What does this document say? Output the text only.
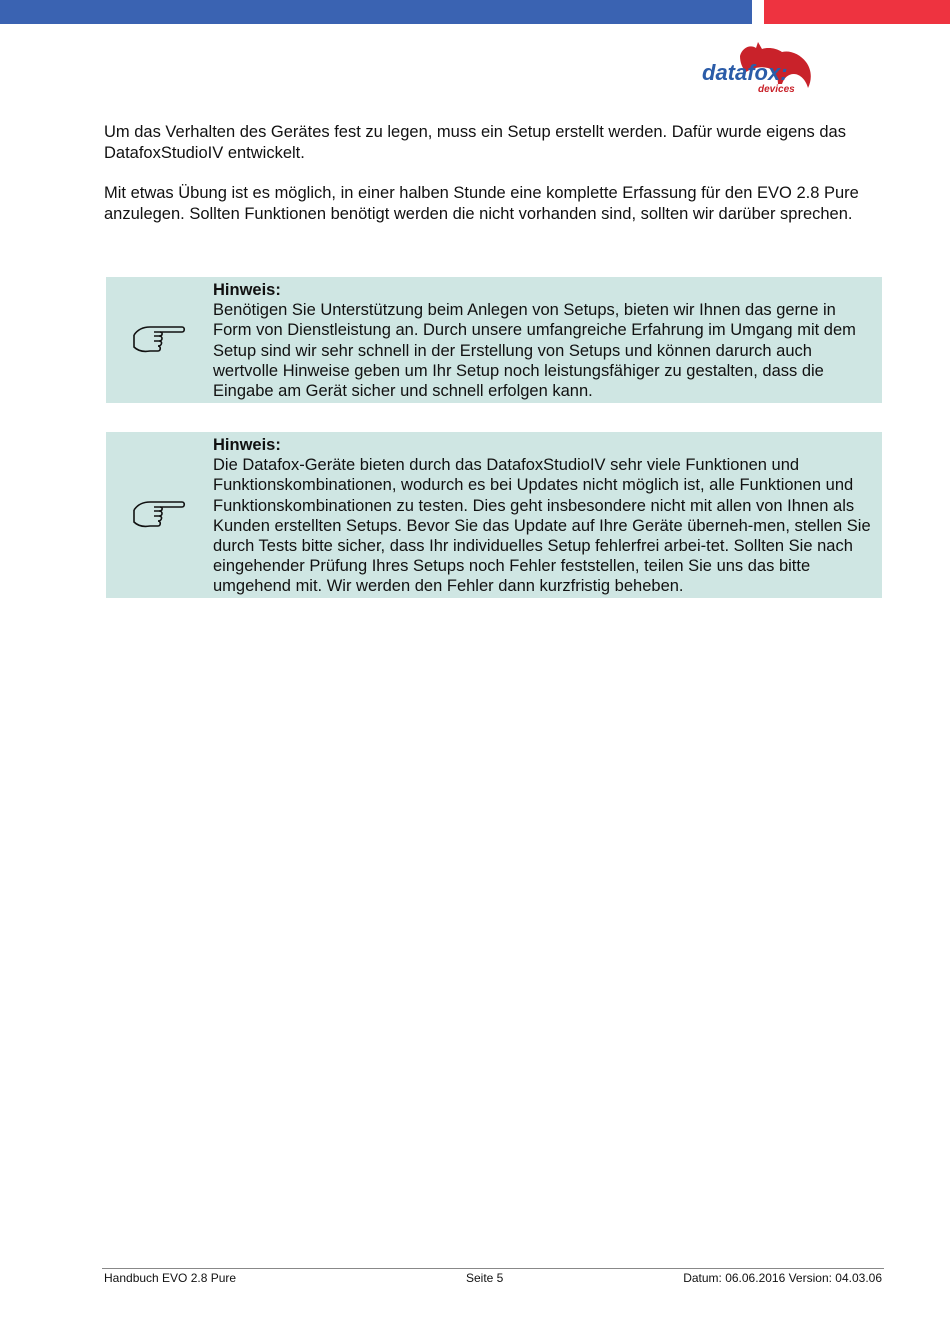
datafox:
devices

Um das Verhalten des Gerätes fest zu legen, muss ein Setup erstellt werden. Dafür wurde eigens das DatafoxStudioIV entwickelt.

Mit etwas Übung ist es möglich, in einer halben Stunde eine komplette Erfassung für den EVO 2.8 Pure anzulegen. Sollten Funktionen benötigt werden die nicht vorhanden sind, sollten wir darüber sprechen.

Hinweis:
Benötigen Sie Unterstützung beim Anlegen von Setups, bieten wir Ihnen das gerne in Form von Dienstleistung an. Durch unsere umfangreiche Erfahrung im Umgang mit dem Setup sind wir sehr schnell in der Erstellung von Setups und können darurch auch wertvolle Hinweise geben um Ihr Setup noch leistungsfähiger zu gestalten, dass die Eingabe am Gerät sicher und schnell erfolgen kann.
Hinweis:
Die Datafox-Geräte bieten durch das DatafoxStudioIV sehr viele Funktionen und Funktionskombinationen, wodurch es bei Updates nicht möglich ist, alle Funktionen und Funktionskombinationen zu testen. Dies geht insbesondere nicht mit allen von Ihnen als Kunden erstellten Setups. Bevor Sie das Update auf Ihre Geräte überneh-men, stellen Sie durch Tests bitte sicher, dass Ihr individuelles Setup fehlerfrei arbei-tet. Sollten Sie nach eingehender Prüfung Ihres Setups noch Fehler feststellen, teilen Sie uns das bitte umgehend mit. Wir werden den Fehler dann kurzfristig beheben.
Handbuch EVO 2.8 Pure	Seite 5	Datum: 06.06.2016 Version: 04.03.06
